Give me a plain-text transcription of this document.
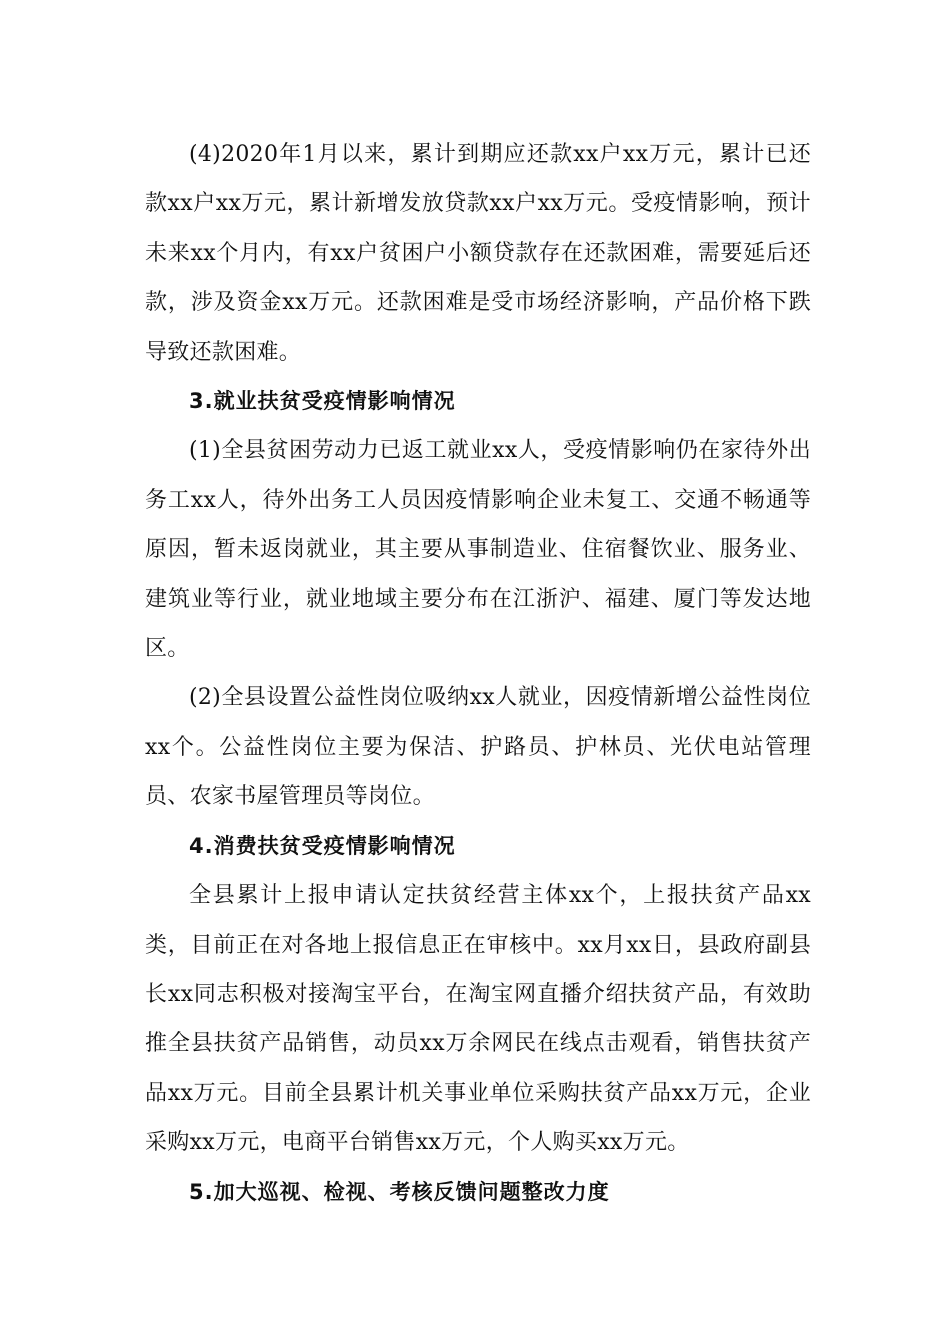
(4)2020年1月以来，累计到期应还款xx户xx万元，累计已还款xx户xx万元，累计新增发放贷款xx户xx万元。受疫情影响，预计未来xx个月内，有xx户贫困户小额贷款存在还款困难，需要延后还款，涉及资金xx万元。还款困难是受市场经济影响，产品价格下跌导致还款困难。

3.就业扶贫受疫情影响情况

(1)全县贫困劳动力已返工就业xx人，受疫情影响仍在家待外出务工xx人，待外出务工人员因疫情影响企业未复工、交通不畅通等原因，暂未返岗就业，其主要从事制造业、住宿餐饮业、服务业、建筑业等行业，就业地域主要分布在江浙沪、福建、厦门等发达地区。

(2)全县设置公益性岗位吸纳xx人就业，因疫情新增公益性岗位xx个。公益性岗位主要为保洁、护路员、护林员、光伏电站管理员、农家书屋管理员等岗位。

4.消费扶贫受疫情影响情况

全县累计上报申请认定扶贫经营主体xx个，上报扶贫产品xx类，目前正在对各地上报信息正在审核中。xx月xx日，县政府副县长xx同志积极对接淘宝平台，在淘宝网直播介绍扶贫产品，有效助推全县扶贫产品销售，动员xx万余网民在线点击观看，销售扶贫产品xx万元。目前全县累计机关事业单位采购扶贫产品xx万元，企业采购xx万元，电商平台销售xx万元，个人购买xx万元。

5.加大巡视、检视、考核反馈问题整改力度
